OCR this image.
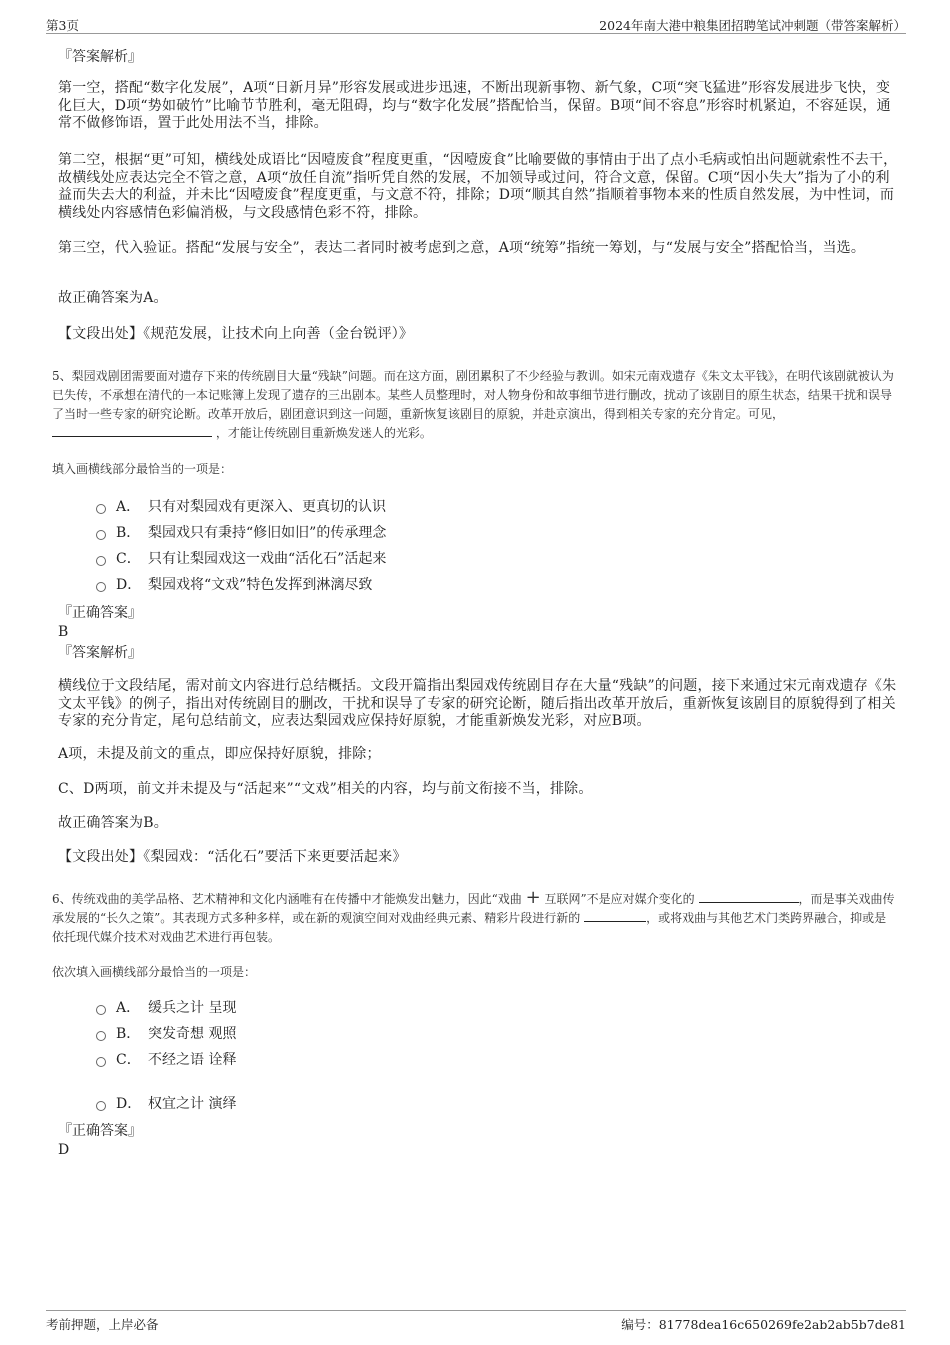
第3页	2024年南大港中粮集团招聘笔试冲刺题（带答案解析）
『答案解析』

第一空，搭配“数字化发展”，A项“日新月异”形容发展或进步迅速，不断出现新事物、新气象，C项“突飞猛进”形容发展进步飞快，变化巨大，D项“势如破竹”比喻节节胜利，毫无阻碍，均与“数字化发展”搭配恰当，保留。B项“间不容息”形容时机紧迫，不容延误，通常不做修饰语，置于此处用法不当，排除。

第二空，根据“更”可知，横线处成语比“因噎废食”程度更重，“因噎废食”比喻要做的事情由于出了点小毛病或怕出问题就索性不去干，故横线处应表达完全不管之意，A项“放任自流”指听凭自然的发展，不加领导或过问，符合文意，保留。C项“因小失大”指为了小的利益而失去大的利益，并未比“因噎废食”程度更重，与文意不符，排除；D项“顺其自然”指顺着事物本来的性质自然发展，为中性词，而横线处内容感情色彩偏消极，与文段感情色彩不符，排除。

第三空，代入验证。搭配“发展与安全”，表达二者同时被考虑到之意，A项“统筹”指统一筹划，与“发展与安全”搭配恰当，当选。

故正确答案为A。

【文段出处】《规范发展，让技术向上向善（金台锐评）》

5、梨园戏剧团需要面对遗存下来的传统剧目大量“残缺”问题。而在这方面，剧团累积了不少经验与教训。如宋元南戏遗存《朱文太平钱》，在明代该剧就被认为已失传，不承想在清代的一本记账簿上发现了遗存的三出剧本。某些人员整理时，对人物身份和故事细节进行删改，扰动了该剧目的原生状态，结果干扰和误导了当时一些专家的研究论断。改革开放后，剧团意识到这一问题，重新恢复该剧目的原貌，并赴京演出，得到相关专家的充分肯定。可见，  ，才能让传统剧目重新焕发迷人的光彩。
填入画横线部分最恰当的一项是：
A． 只有对梨园戏有更深入、更真切的认识
B． 梨园戏只有秉持“修旧如旧”的传承理念
C． 只有让梨园戏这一戏曲“活化石”活起来
D． 梨园戏将“文戏”特色发挥到淋漓尽致
『正确答案』
B
『答案解析』

横线位于文段结尾，需对前文内容进行总结概括。文段开篇指出梨园戏传统剧目存在大量“残缺”的问题，接下来通过宋元南戏遗存《朱文太平钱》的例子，指出对传统剧目的删改，干扰和误导了专家的研究论断，随后指出改革开放后，重新恢复该剧目的原貌得到了相关专家的充分肯定，尾句总结前文，应表达梨园戏应保持好原貌，才能重新焕发光彩，对应B项。

A项，未提及前文的重点，即应保持好原貌，排除；

C、D两项，前文并未提及与“活起来”“文戏”相关的内容，均与前文衔接不当，排除。

故正确答案为B。

【文段出处】《梨园戏：“活化石”要活下来更要活起来》

6、传统戏曲的美学品格、艺术精神和文化内涵唯有在传播中才能焕发出魅力，因此“戏曲 + 互联网”不是应对媒介变化的	，而是事关戏曲传承发展的“长久之策”。其表现方式多种多样，或在新的观演空间对戏曲经典元素、精彩片段进行新的	，或将戏曲与其他艺术门类跨界融合，抑或是依托现代媒介技术对戏曲艺术进行再包装。
依次填入画横线部分最恰当的一项是：
A． 缓兵之计 呈现
B． 突发奇想 观照
C． 不经之语 诠释
D． 权宜之计 演绎
『正确答案』
D
考前押题，上岸必备	编号：81778dea16c650269fe2ab2ab5b7de81
